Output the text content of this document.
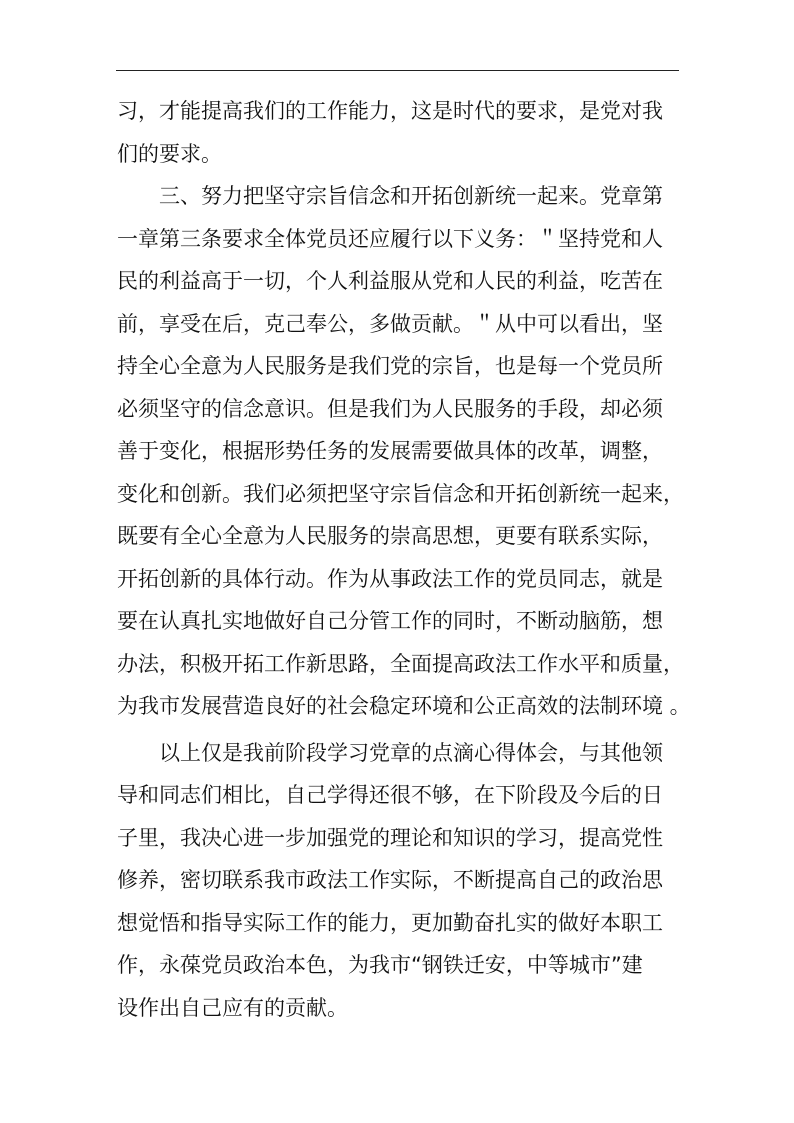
习，才能提高我们的工作能力，这是时代的要求，是党对我
们的要求。
三、努力把坚守宗旨信念和开拓创新统一起来。党章第
一章第三条要求全体党员还应履行以下义务：＂坚持党和人
民的利益高于一切，个人利益服从党和人民的利益，吃苦在
前，享受在后，克己奉公，多做贡献。＂从中可以看出，坚
持全心全意为人民服务是我们党的宗旨，也是每一个党员所
必须坚守的信念意识。但是我们为人民服务的手段，却必须
善于变化，根据形势任务的发展需要做具体的改革，调整，
变化和创新。我们必须把坚守宗旨信念和开拓创新统一起来，
既要有全心全意为人民服务的崇高思想，更要有联系实际，
开拓创新的具体行动。作为从事政法工作的党员同志，就是
要在认真扎实地做好自己分管工作的同时，不断动脑筋，想
办法，积极开拓工作新思路，全面提高政法工作水平和质量，
为我市发展营造良好的社会稳定环境和公正高效的法制环境 。
以上仅是我前阶段学习党章的点滴心得体会，与其他领
导和同志们相比，自己学得还很不够，在下阶段及今后的日
子里，我决心进一步加强党的理论和知识的学习，提高党性
修养，密切联系我市政法工作实际，不断提高自己的政治思
想觉悟和指导实际工作的能力，更加勤奋扎实的做好本职工
作，永葆党员政治本色，为我市“钢铁迁安，中等城市”建
设作出自己应有的贡献。
